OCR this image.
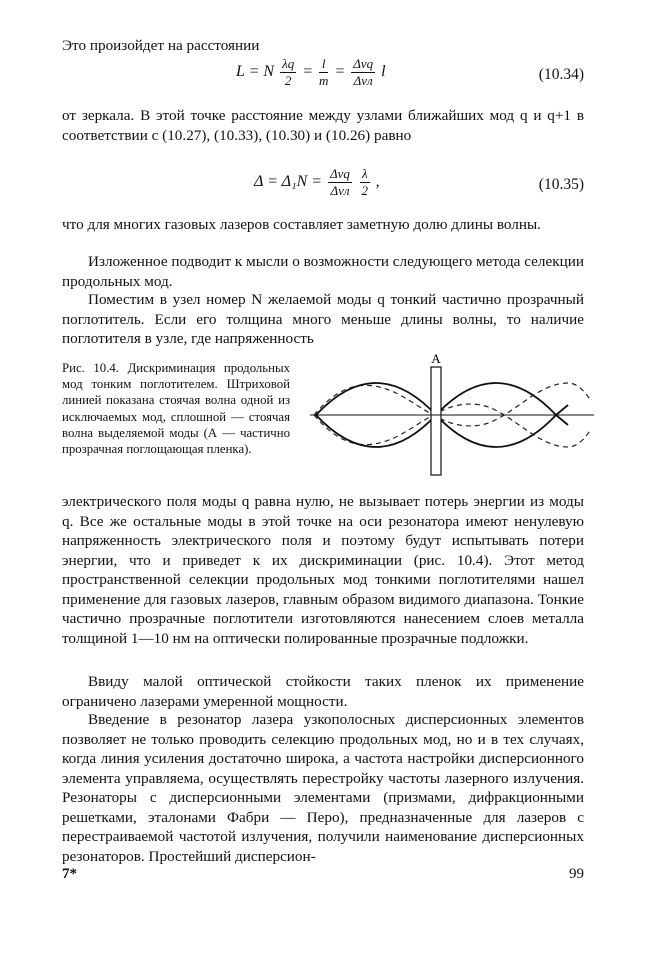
Это произойдет на расстоянии
L = N $\frac{\lambda q}{2} = \frac{l}{m} = \frac{\text{Δνq}}{\text{Δνл}}$ l	(10.34)
от зеркала. В этой точке расстояние между узлами ближайших мод q и q+1 в соответствии с (10.27), (10.33), (10.30) и (10.26) равно
$\Delta = \Delta_1N = \frac{\text{Δνq}}{\text{Δνл}}$
$\frac{\lambda}{2}$ ,	(10.35)
что для многих газовых лазеров составляет заметную долю длины волны.
Изложенное подводит к мысли о возможности следующего метода селекции продольных мод.
Поместим в узел номер N желаемой моды q тонкий частично прозрачный поглотитель. Если его толщина много меньше длины волны, то наличие поглотителя в узле, где напряженность
Рис. 10.4. Дискриминация продольных мод тонким поглотителем. Штриховой линией показана стоячая волна одной из исключаемых мод, сплошной — стоячая волна выделяемой моды (А — частично прозрачная поглощающая пленка).
A
электрического поля моды q равна нулю, не вызывает потерь энергии из моды q. Все же остальные моды в этой точке на оси резонатора имеют ненулевую напряженность электрического поля и поэтому будут испытывать потери энергии, что и приведет к их дискриминации (рис. 10.4). Этот метод пространственной селекции продольных мод тонкими поглотителями нашел применение для газовых лазеров, главным образом видимого диапазона. Тонкие частично прозрачные поглотители изготовляются нанесением слоев металла толщиной 1—10 нм на оптически полированные прозрачные подложки.
Ввиду малой оптической стойкости таких пленок их применение ограничено лазерами умеренной мощности.
Введение в резонатор лазера узкополосных дисперсионных элементов позволяет не только проводить селекцию продольных мод, но и в тех случаях, когда линия усиления достаточно широка, а частота настройки дисперсионного элемента управляема, осуществлять перестройку частоты лазерного излучения. Резонаторы с дисперсионными элементами (призмами, дифракционными решетками, эталонами Фабри — Перо), предназначенные для лазеров с перестраиваемой частотой излучения, получили наименование дисперсионных резонаторов. Простейший дисперсион-
7*	99
